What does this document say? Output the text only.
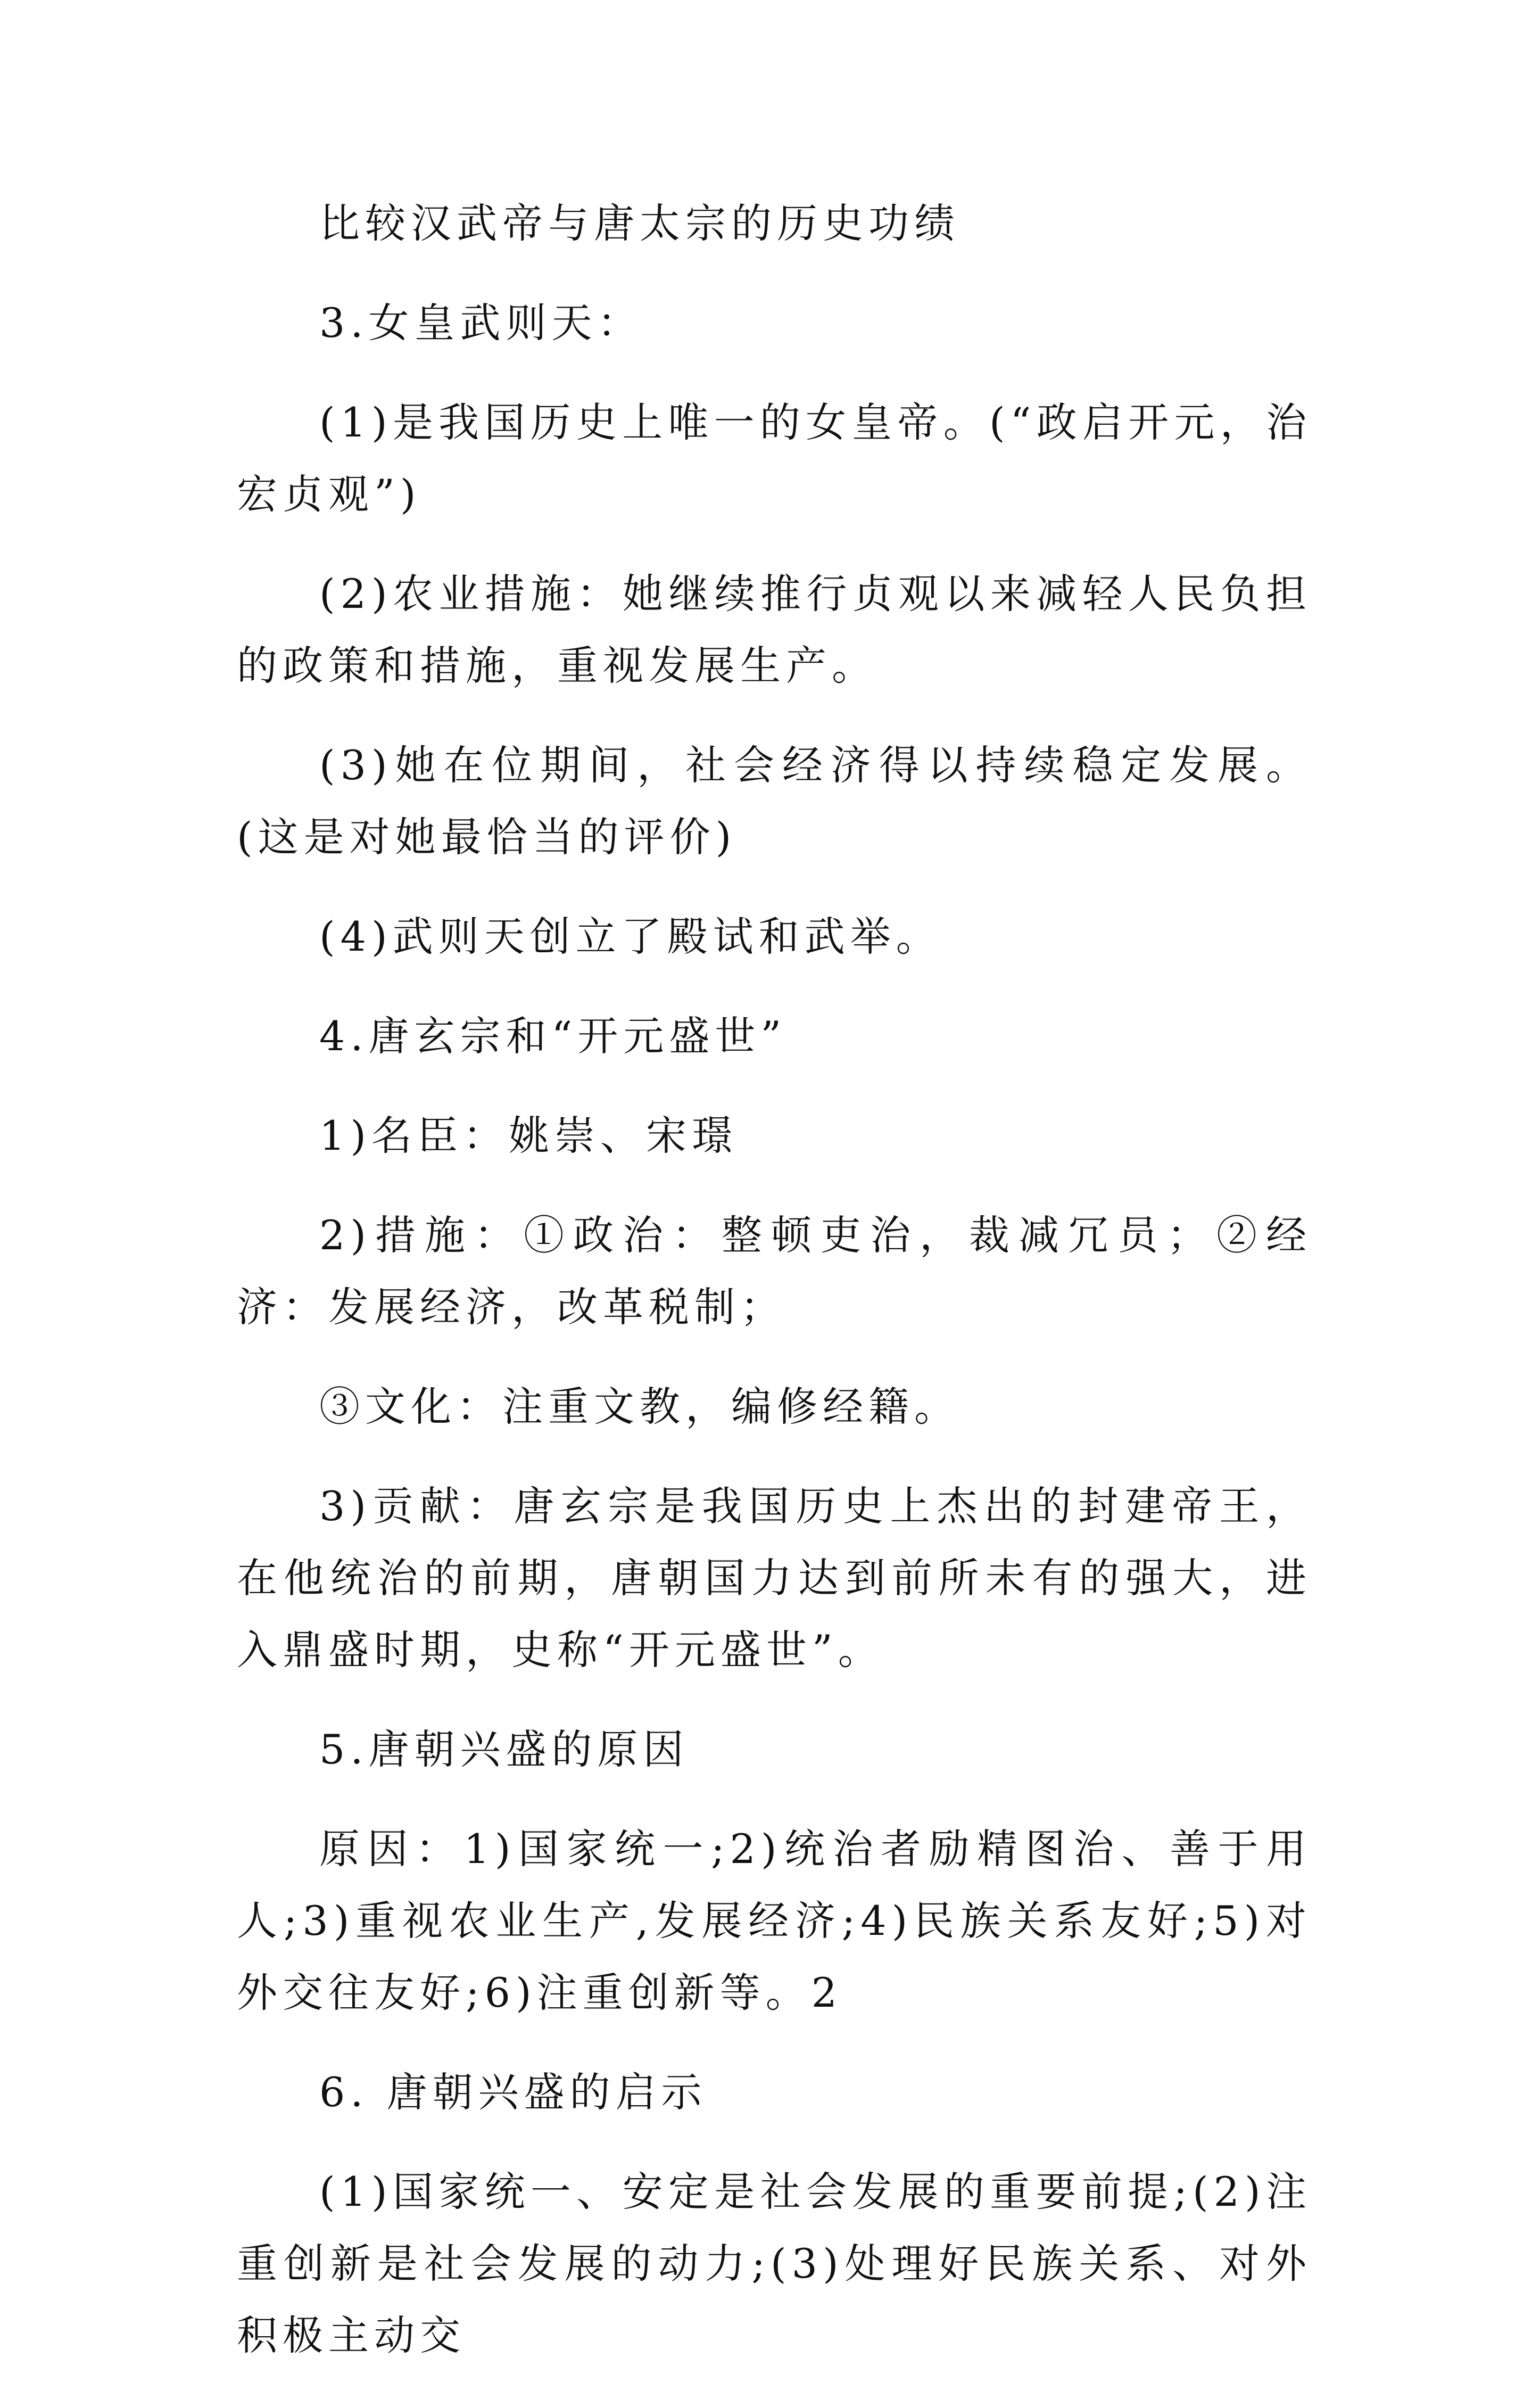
比较汉武帝与唐太宗的历史功绩

3.女皇武则天：

(1)是我国历史上唯一的女皇帝。(“政启开元，治宏贞观”)

(2)农业措施：她继续推行贞观以来减轻人民负担的政策和措施，重视发展生产。

(3)她在位期间，社会经济得以持续稳定发展。(这是对她最恰当的评价)

(4)武则天创立了殿试和武举。

4.唐玄宗和“开元盛世”

1)名臣：姚崇、宋璟

2)措施：①政治：整顿吏治，裁减冗员；②经济：发展经济，改革税制；

③文化：注重文教，编修经籍。

3)贡献：唐玄宗是我国历史上杰出的封建帝王，在他统治的前期，唐朝国力达到前所未有的强大，进入鼎盛时期，史称“开元盛世”。

5.唐朝兴盛的原因

原因：1)国家统一;2)统治者励精图治、善于用人;3)重视农业生产,发展经济;4)民族关系友好;5)对外交往友好;6)注重创新等。2

6. 唐朝兴盛的启示

(1)国家统一、安定是社会发展的重要前提;(2)注重创新是社会发展的动力;(3)处理好民族关系、对外积极主动交
